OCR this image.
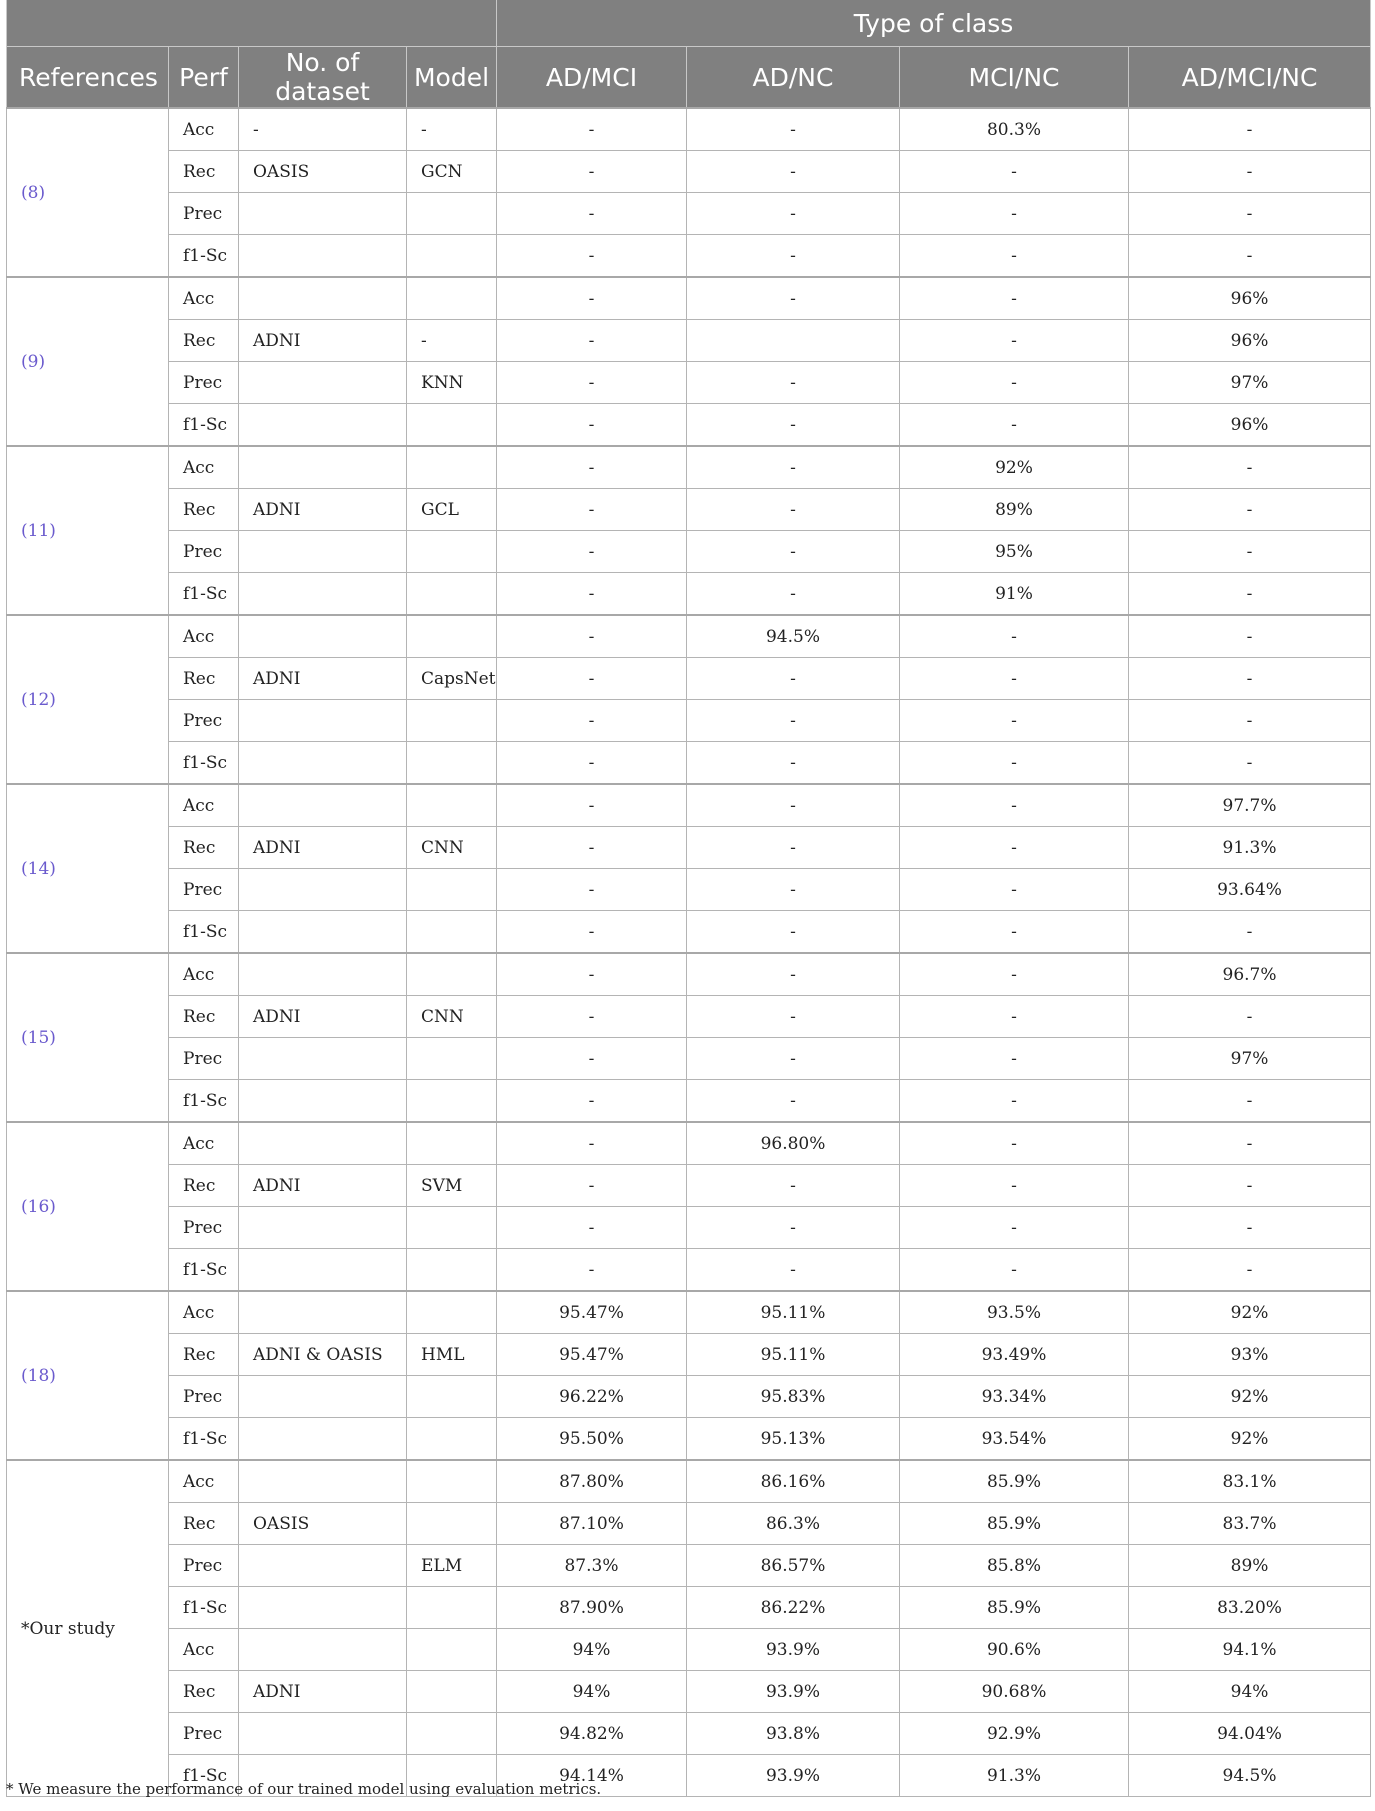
				Type of class			
References	Perf	No. of dataset	Model	AD/MCI	AD/NC	MCI/NC	AD/MCI/NC
(8)	Acc	-	-	-	-	80.3%	-
	Rec	OASIS	GCN	-	-	-	-
	Prec			-	-	-	-
	f1-Sc			-	-	-	-
(9)	Acc			-	-	-	96%
	Rec	ADNI	-	-		-	96%
	Prec		KNN	-	-	-	97%
	f1-Sc			-	-	-	96%
(11)	Acc			-	-	92%	-
	Rec	ADNI	GCL	-	-	89%	-
	Prec			-	-	95%	-
	f1-Sc			-	-	91%	-
(12)	Acc			-	94.5%	-	-
	Rec	ADNI	CapsNet	-	-	-	-
	Prec			-	-	-	-
	f1-Sc			-	-	-	-
(14)	Acc			-	-	-	97.7%
	Rec	ADNI	CNN	-	-	-	91.3%
	Prec			-	-	-	93.64%
	f1-Sc			-	-	-	-
(15)	Acc			-	-	-	96.7%
	Rec	ADNI	CNN	-	-	-	-
	Prec			-	-	-	97%
	f1-Sc			-	-	-	-
(16)	Acc			-	96.80%	-	-
	Rec	ADNI	SVM	-	-	-	-
	Prec			-	-	-	-
	f1-Sc			-	-	-	-
(18)	Acc			95.47%	95.11%	93.5%	92%
	Rec	ADNI & OASIS	HML	95.47%	95.11%	93.49%	93%
	Prec			96.22%	95.83%	93.34%	92%
	f1-Sc			95.50%	95.13%	93.54%	92%
*Our study	Acc			87.80%	86.16%	85.9%	83.1%
	Rec	OASIS		87.10%	86.3%	85.9%	83.7%
	Prec		ELM	87.3%	86.57%	85.8%	89%
	f1-Sc			87.90%	86.22%	85.9%	83.20%
	Acc			94%	93.9%	90.6%	94.1%
	Rec	ADNI		94%	93.9%	90.68%	94%
	Prec			94.82%	93.8%	92.9%	94.04%
	f1-Sc			94.14%	93.9%	91.3%	94.5%
* We measure the performance of our trained model using evaluation metrics.
